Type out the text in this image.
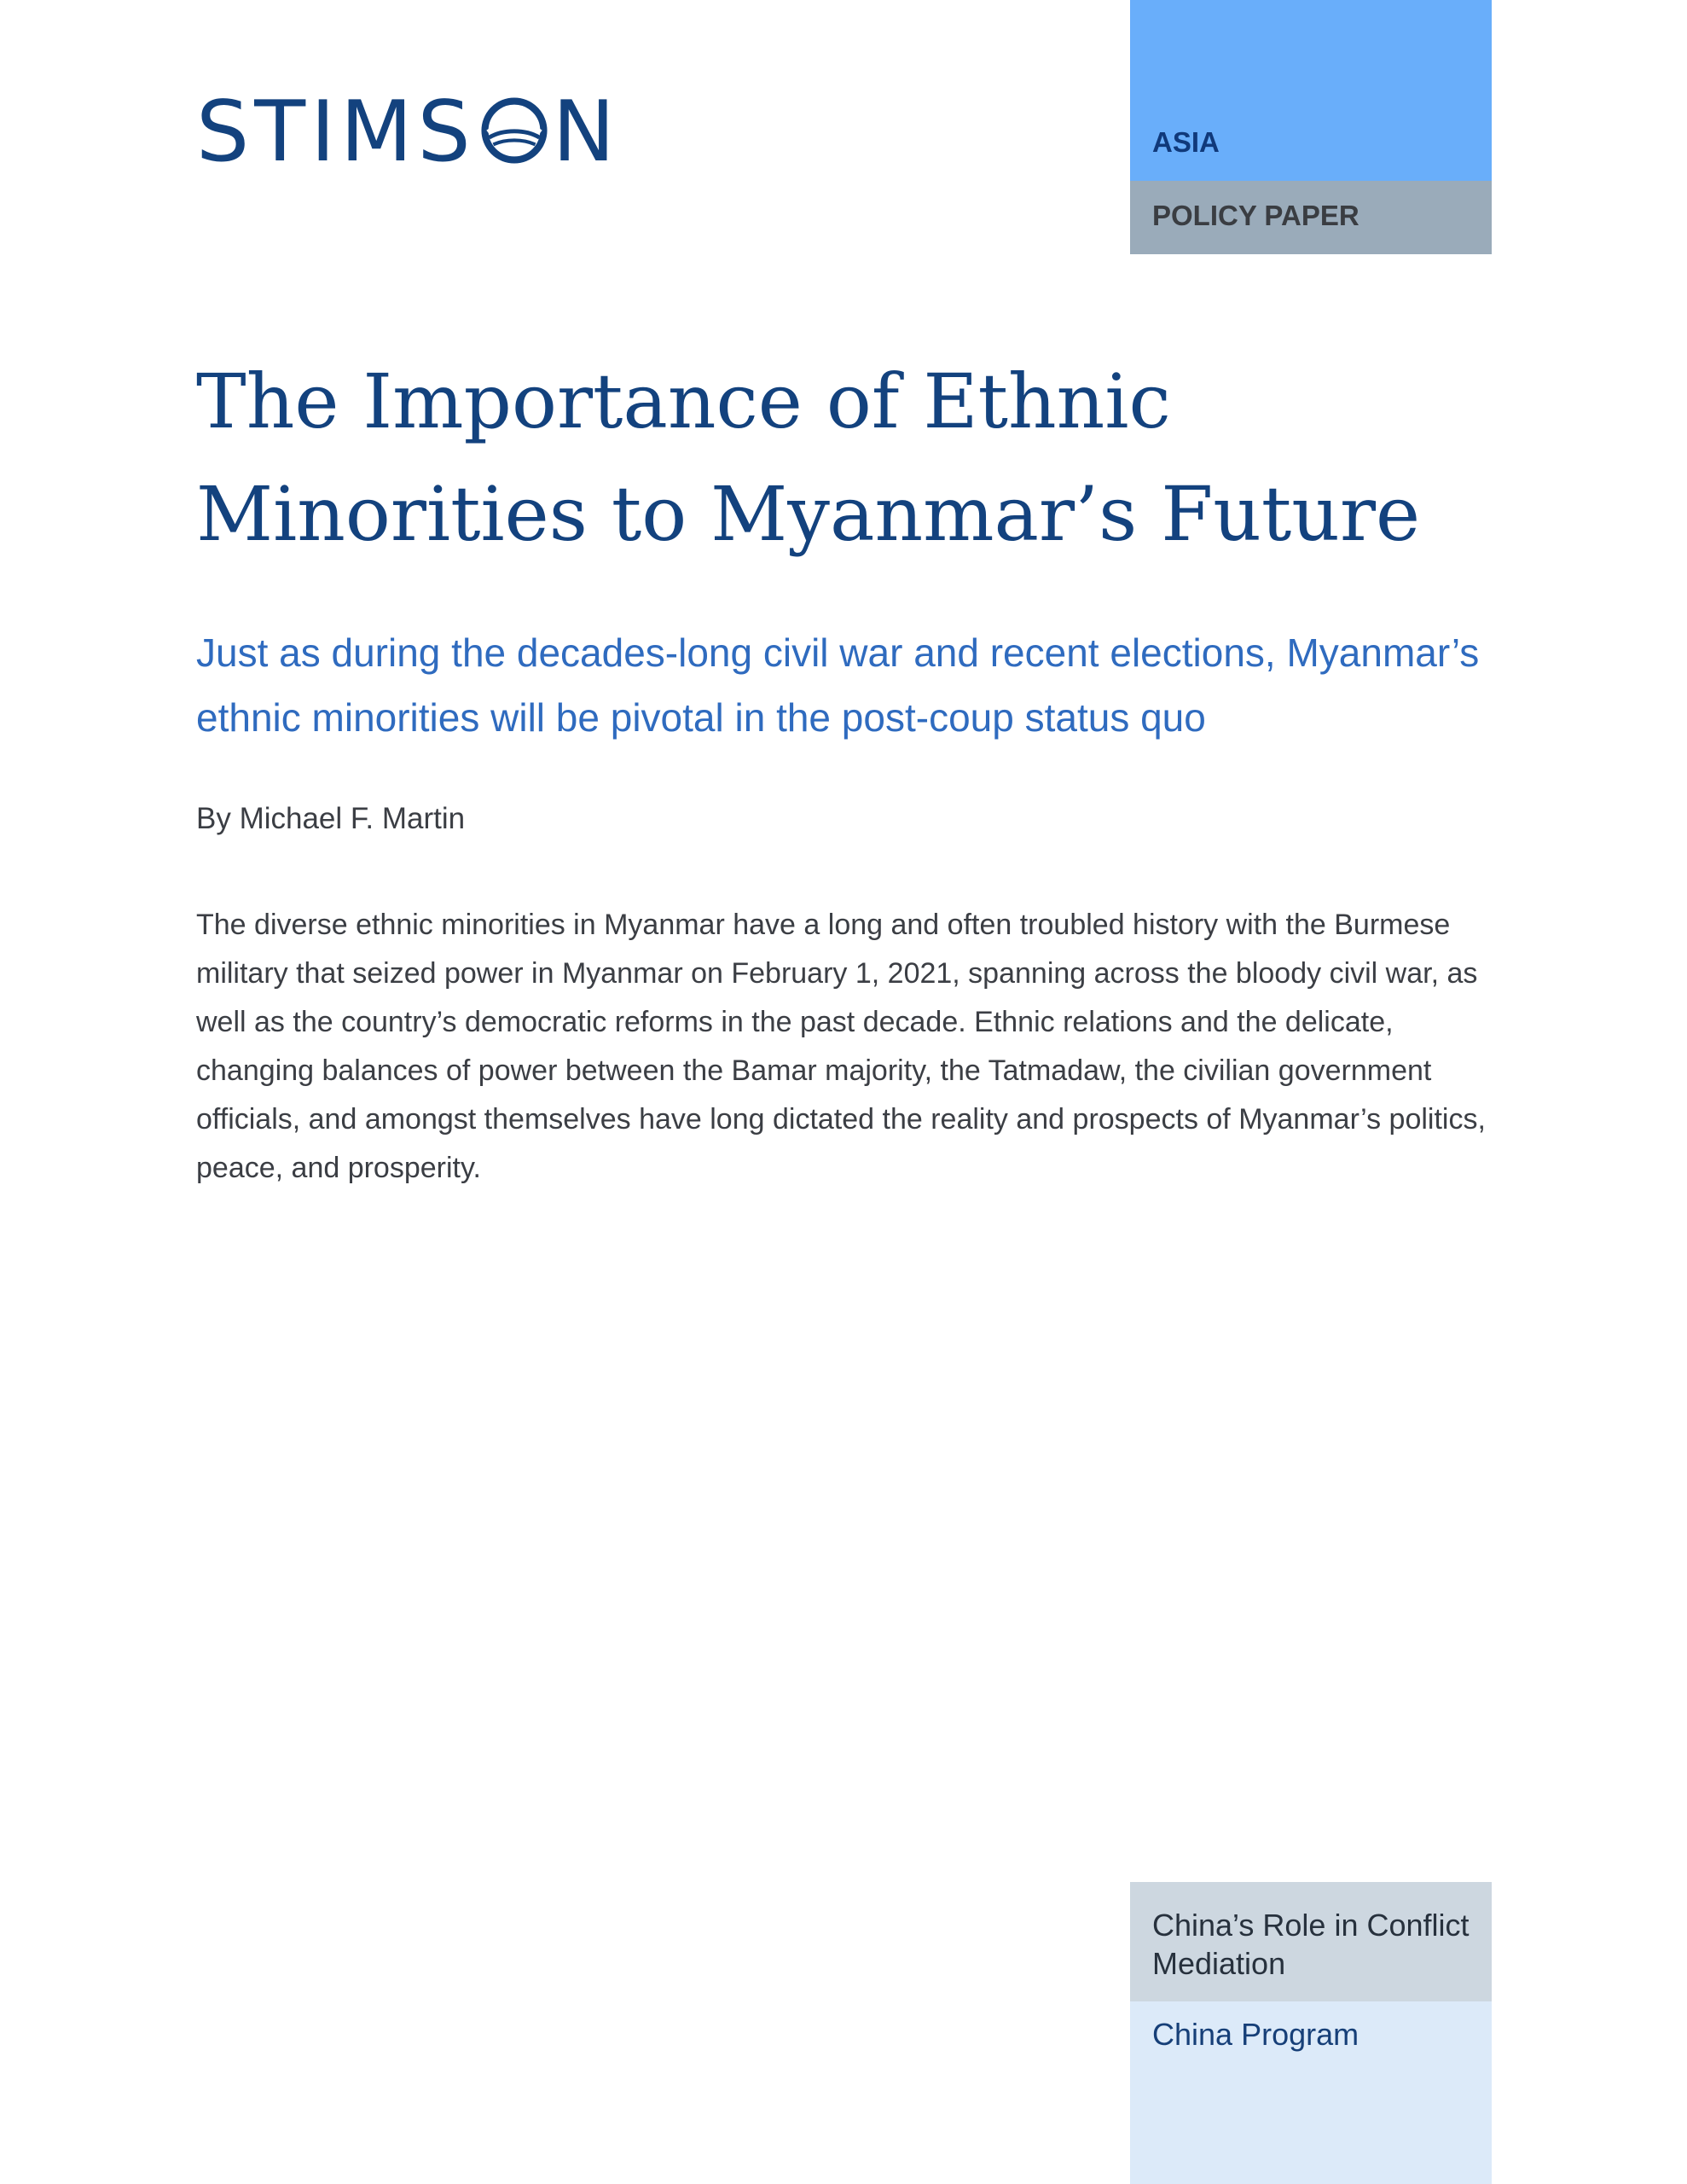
STIMS N	ASIA
POLICY PAPER
The Importance of Ethnic Minorities to Myanmar’s Future

Just as during the decades-long civil war and recent elections, Myanmar’s ethnic minorities will be pivotal in the post-coup status quo

By Michael F. Martin

The diverse ethnic minorities in Myanmar have a long and often troubled history with the Burmese military that seized power in Myanmar on February 1, 2021, spanning across the bloody civil war, as well as the country’s democratic reforms in the past decade. Ethnic relations and the delicate, changing balances of power between the Bamar majority, the Tatmadaw, the civilian government officials, and amongst themselves have long dictated the reality and prospects of Myanmar’s politics, peace, and prosperity.

China’s Role in Conflict Mediation
China Program
